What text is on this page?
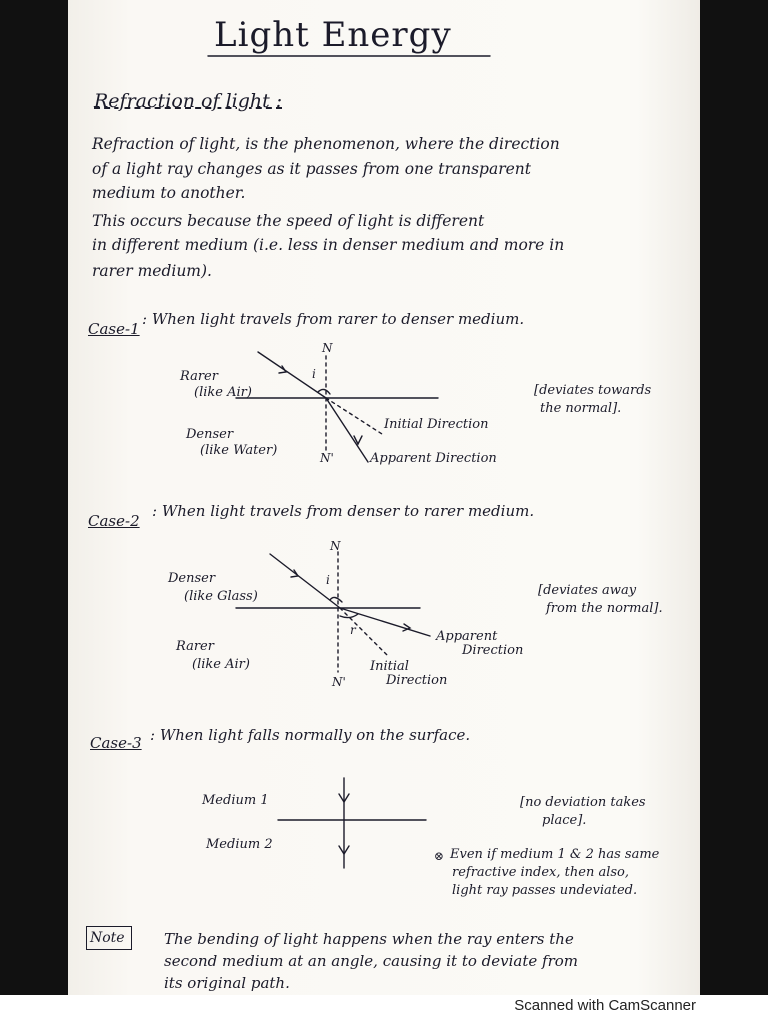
Light Energy
Refraction of light :
Refraction of light, is the phenomenon, where the direction
of a light ray changes as it passes from one transparent
medium to another.
This occurs because the speed of light is different
in different medium (i.e. less in denser medium and more in
rarer medium).
Case-1
: When light travels from rarer to denser medium.
N
N'
i
Rarer
(like Air)
Denser
(like Water)
Initial Direction
Apparent Direction
[deviates towards
the normal].
Case-2
: When light travels from denser to rarer medium.
N
N'
i
r
Denser
(like Glass)
Rarer
(like Air)
Apparent
Direction
Initial
Direction
[deviates away
from the normal].
Case-3 : When light falls normally on the surface.
Medium 1
Medium 2
[no deviation takes
place].
⊗ Even if medium 1 & 2 has same
refractive index, then also,
light ray passes undeviated.
Note	The bending of light happens when the ray enters the
second medium at an angle, causing it to deviate from
its original path.
Scanned with CamScanner
